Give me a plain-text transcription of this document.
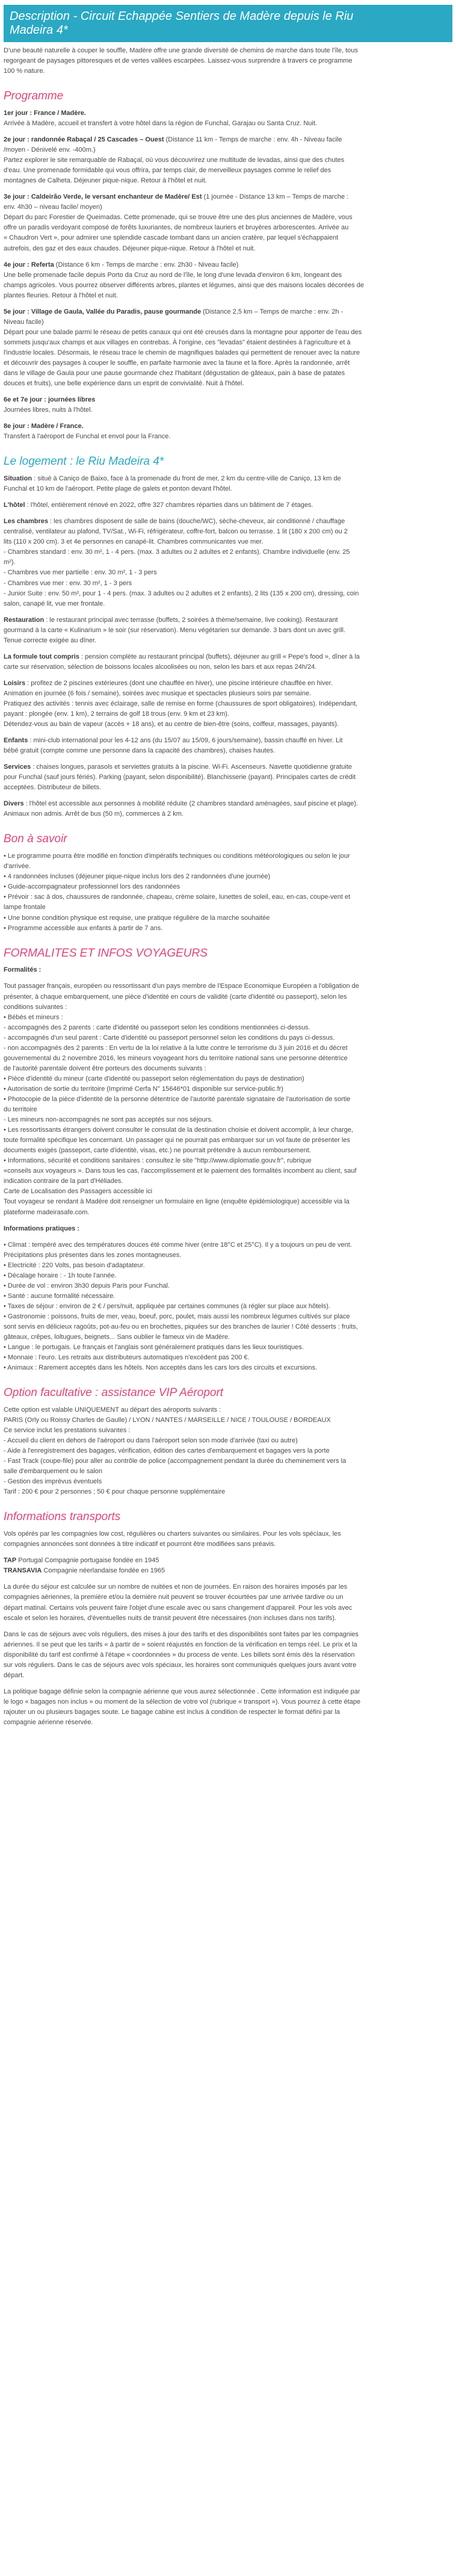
Description - Circuit Echappée Sentiers de Madère depuis le Riu
Madeira 4*
D'une beauté naturelle à couper le souffle, Madère offre une grande diversité de chemins de marche dans toute l'île, tous
regorgeant de paysages pittoresques et de vertes vallées escarpées. Laissez-vous surprendre à travers ce programme
100 % nature.
Programme
1er jour : France / Madère.
Arrivée à Madère, accueil et transfert à votre hôtel dans la région de Funchal, Garajau ou Santa Cruz. Nuit.
2e jour : randonnée Rabaçal / 25 Cascades – Ouest (Distance 11 km - Temps de marche : env. 4h - Niveau facile
/moyen - Dénivelé env. -400m.)
Partez explorer le site remarquable de Rabaçal, où vous découvrirez une multitude de levadas, ainsi que des chutes
d'eau. Une promenade formidable qui vous offrira, par temps clair, de merveilleux paysages comme le relief des
montagnes de Calheta. Déjeuner pique-nique. Retour à l'hôtel et nuit.
3e jour : Caldeirão Verde, le versant enchanteur de Madère/ Est (1 journée - Distance 13 km – Temps de marche :
env. 4h30 – niveau facile/ moyen)
Départ du parc Forestier de Queimadas. Cette promenade, qui se trouve être une des plus anciennes de Madère, vous
offre un paradis verdoyant composé de forêts luxuriantes, de nombreux lauriers et bruyères arborescentes. Arrivée au
« Chaudron Vert », pour admirer une splendide cascade tombant dans un ancien cratère, par lequel s'échappaient
autrefois, des gaz et des eaux chaudes. Déjeuner pique-nique. Retour à l'hôtel et nuit.
4e jour : Referta (Distance 6 km - Temps de marche : env. 2h30 - Niveau facile)
Une belle promenade facile depuis Porto da Cruz au nord de l'île, le long d'une levada d'environ 6 km, longeant des
champs agricoles. Vous pourrez observer différents arbres, plantes et légumes, ainsi que des maisons locales décorées de
plantes fleuries. Retour à l'hôtel et nuit.
5e jour : Village de Gaula, Vallée du Paradis, pause gourmande (Distance 2,5 km – Temps de marche : env. 2h -
Niveau facile)
Départ pour une balade parmi le réseau de petits canaux qui ont été creusés dans la montagne pour apporter de l'eau des
sommets jusqu'aux champs et aux villages en contrebas. À l'origine, ces "levadas" étaient destinées à l'agriculture et à
l'industrie locales. Désormais, le réseau trace le chemin de magnifiques balades qui permettent de renouer avec la nature
et découvrir des paysages à couper le souffle, en parfaite harmonie avec la faune et la flore. Après la randonnée, arrêt
dans le village de Gaula pour une pause gourmande chez l'habitant (dégustation de gâteaux, pain à base de patates
douces et fruits), une belle expérience dans un esprit de convivialité. Nuit à l'hôtel.
6e et 7e jour : journées libres
Journées libres, nuits à l'hôtel.
8e jour : Madère / France.
Transfert à l'aéroport de Funchal et envol pour la France.
Le logement : le Riu Madeira 4*
Situation : situé à Caniço de Baixo, face à la promenade du front de mer, 2 km du centre-ville de Caniço, 13 km de
Funchal et 10 km de l'aéroport. Petite plage de galets et ponton devant l'hôtel.
L'hôtel : l'hôtel, entièrement rénové en 2022, offre 327 chambres réparties dans un bâtiment de 7 étages.
Les chambres : les chambres disposent de salle de bains (douche/WC), sèche-cheveux, air conditionné / chauffage
centralisé, ventilateur au plafond, TV/Sat., Wi-Fi, réfrigérateur, coffre-fort, balcon ou terrasse. 1 lit (180 x 200 cm) ou 2
lits (110 x 200 cm). 3 et 4e personnes en canapé-lit. Chambres communicantes vue mer.
- Chambres standard : env. 30 m², 1 - 4 pers. (max. 3 adultes ou 2 adultes et 2 enfants). Chambre individuelle (env. 25
m²).
- Chambres vue mer partielle : env. 30 m², 1 - 3 pers
- Chambres vue mer : env. 30 m², 1 - 3 pers
- Junior Suite : env. 50 m², pour 1 - 4 pers. (max. 3 adultes ou 2 adultes et 2 enfants), 2 lits (135 x 200 cm), dressing, coin
salon, canapé lit, vue mer frontale.
Restauration : le restaurant principal avec terrasse (buffets, 2 soirées à thème/semaine, live cooking). Restaurant
gourmand à la carte « Kulinarium » le soir (sur réservation). Menu végétarien sur demande. 3 bars dont un avec grill.
Tenue correcte exigée au dîner.
La formule tout compris : pension complète au restaurant principal (buffets), déjeuner au grill « Pepe's food », dîner à la
carte sur réservation, sélection de boissons locales alcoolisées ou non, selon les bars et aux repas 24h/24.
Loisirs : profitez de 2 piscines extérieures (dont une chauffée en hiver), une piscine intérieure chauffée en hiver.
Animation en journée (6 fois / semaine), soirées avec musique et spectacles plusieurs soirs par semaine.
Pratiquez des activités : tennis avec éclairage, salle de remise en forme (chaussures de sport obligatoires). Indépendant,
payant : plongée (env. 1 km), 2 terrains de golf 18 trous (env. 9 km et 23 km).
Détendez-vous au bain de vapeur (accès + 18 ans), et au centre de bien-être (soins, coiffeur, massages, payants).
Enfants : mini-club international pour les 4-12 ans (du 15/07 au 15/09, 6 jours/semaine), bassin chauffé en hiver. Lit
bébé gratuit (compte comme une personne dans la capacité des chambres), chaises hautes.
Services : chaises longues, parasols et serviettes gratuits à la piscine. Wi-Fi. Ascenseurs. Navette quotidienne gratuite
pour Funchal (sauf jours fériés). Parking (payant, selon disponibilité). Blanchisserie (payant). Principales cartes de crédit
acceptées. Distributeur de billets.
Divers : l'hôtel est accessible aux personnes à mobilité réduite (2 chambres standard aménagées, sauf piscine et plage).
Animaux non admis. Arrêt de bus (50 m), commerces à 2 km.
Bon à savoir
• Le programme pourra être modifié en fonction d'impératifs techniques ou conditions météorologiques ou selon le jour
d'arrivée.
• 4 randonnées incluses (déjeuner pique-nique inclus lors des 2 randonnées d'une journée)
• Guide-accompagnateur professionnel lors des randonnées
• Prévoir : sac à dos, chaussures de randonnée, chapeau, crème solaire, lunettes de soleil, eau, en-cas, coupe-vent et
lampe frontale
• Une bonne condition physique est requise, une pratique régulière de la marche souhaitée
• Programme accessible aux enfants à partir de 7 ans.
FORMALITES ET INFOS VOYAGEURS
Formalités :
Tout passager français, européen ou ressortissant d'un pays membre de l'Espace Economique Européen a l'obligation de
présenter, à chaque embarquement, une pièce d'identité en cours de validité (carte d'identité ou passeport), selon les
conditions suivantes :
• Bébés et mineurs :
- accompagnés des 2 parents : carte d'identité ou passeport selon les conditions mentionnées ci-dessus.
- accompagnés d'un seul parent : Carte d'identité ou passeport personnel selon les conditions du pays ci-dessus.
- non accompagnés des 2 parents : En vertu de la loi relative à la lutte contre le terrorisme du 3 juin 2016 et du décret
gouvernemental du 2 novembre 2016, les mineurs voyageant hors du territoire national sans une personne détentrice
de l'autorité parentale doivent être porteurs des documents suivants :
• Pièce d'identité du mineur (carte d'identité ou passeport selon réglementation du pays de destination)
• Autorisation de sortie du territoire (Imprimé Cerfa N° 15646*01 disponible sur service-public.fr)
• Photocopie de la pièce d'identité de la personne détentrice de l'autorité parentale signataire de l'autorisation de sortie
du territoire
- Les mineurs non-accompagnés ne sont pas acceptés sur nos séjours.
• Les ressortissants étrangers doivent consulter le consulat de la destination choisie et doivent accomplir, à leur charge,
toute formalité spécifique les concernant. Un passager qui ne pourrait pas embarquer sur un vol faute de présenter les
documents exigés (passeport, carte d'identité, visas, etc.) ne pourrait prétendre à aucun remboursement.
• Informations, sécurité et conditions sanitaires : consultez le site "http://www.diplomatie.gouv.fr", rubrique
«conseils aux voyageurs ». Dans tous les cas, l'accomplissement et le paiement des formalités incombent au client, sauf
indication contraire de la part d'Héliades.
Carte de Localisation des Passagers accessible ici
Tout voyageur se rendant à Madère doit renseigner un formulaire en ligne (enquête épidémiologique) accessible via la
plateforme madeirasafe.com.
Informations pratiques :
• Climat : tempéré avec des températures douces été comme hiver (entre 18°C et 25°C). Il y a toujours un peu de vent.
Précipitations plus présentes dans les zones montagneuses.
• Electricité : 220 Volts, pas besoin d'adaptateur.
• Décalage horaire : - 1h toute l'année.
• Durée de vol : environ 3h30 depuis Paris pour Funchal.
• Santé : aucune formalité nécessaire.
• Taxes de séjour : environ de 2 € / pers/nuit, appliquée par certaines communes (à régler sur place aux hôtels).
• Gastronomie : poissons, fruits de mer, veau, boeuf, porc, poulet, mais aussi les nombreux légumes cultivés sur place
sont servis en délicieux ragoûts, pot-au-feu ou en brochettes, piquées sur des branches de laurier ! Côté desserts : fruits,
gâteaux, crêpes, loltugues, beignets... Sans oublier le fameux vin de Madère.
• Langue : le portugais. Le français et l'anglais sont généralement pratiqués dans les lieux touristiques.
• Monnaie : l'euro. Les retraits aux distributeurs automatiques n'excèdent pas 200 €.
• Animaux : Rarement acceptés dans les hôtels. Non acceptés dans les cars lors des circuits et excursions.
Option facultative : assistance VIP Aéroport
Cette option est valable UNIQUEMENT au départ des aéroports suivants :
PARIS (Orly ou Roissy Charles de Gaulle) / LYON / NANTES / MARSEILLE / NICE / TOULOUSE / BORDEAUX
Ce service inclut les prestations suivantes :
- Accueil du client en dehors de l'aéroport ou dans l'aéroport selon son mode d'arrivée (taxi ou autre)
- Aide à l'enregistrement des bagages, vérification, édition des cartes d'embarquement et bagages vers la porte
- Fast Track (coupe-file) pour aller au contrôle de police (accompagnement pendant la durée du cheminement vers la
salle d'embarquement ou le salon
- Gestion des imprévus éventuels
Tarif : 200 € pour 2 personnes ; 50 € pour chaque personne supplémentaire
Informations transports
Vols opérés par les compagnies low cost, régulières ou charters suivantes ou similaires. Pour les vols spéciaux, les
compagnies annoncées sont données à titre indicatif et pourront être modifiées sans préavis.
TAP Portugal Compagnie portugaise fondée en 1945
TRANSAVIA Compagnie néerlandaise fondée en 1965
La durée du séjour est calculée sur un nombre de nuitées et non de journées. En raison des horaires imposés par les
compagnies aériennes, la première et/ou la dernière nuit peuvent se trouver écourtées par une arrivée tardive ou un
départ matinal. Certains vols peuvent faire l'objet d'une escale avec ou sans changement d'appareil. Pour les vols avec
escale et selon les horaires, d'éventuelles nuits de transit peuvent être nécessaires (non incluses dans nos tarifs).
Dans le cas de séjours avec vols réguliers, des mises à jour des tarifs et des disponibilités sont faites par les compagnies
aériennes. Il se peut que les tarifs « à partir de » soient réajustés en fonction de la vérification en temps réel. Le prix et la
disponibilité du tarif est confirmé à l'étape « coordonnées » du process de vente. Les billets sont émis dès la réservation
sur vols réguliers. Dans le cas de séjours avec vols spéciaux, les horaires sont communiqués quelques jours avant votre
départ.
La politique bagage définie selon la compagnie aérienne que vous aurez sélectionnée . Cette information est indiquée par
le logo « bagages non inclus » ou moment de la sélection de votre vol (rubrique « transport »). Vous pourrez à cette étape
rajouter un ou plusieurs bagages soute. Le bagage cabine est inclus à condition de respecter le format défini par la
compagnie aérienne réservée.
